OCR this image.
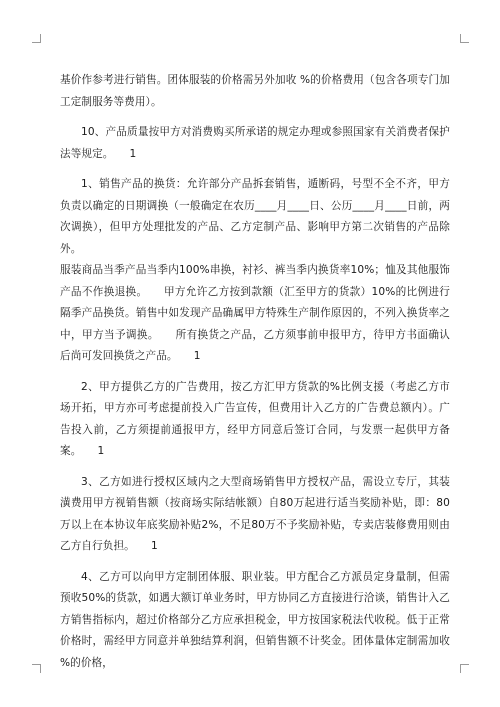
基价作参考进行销售。团体服装的价格需另外加收 %的价格费用（包含各项专门加工定制服务等费用）。

10、产品质量按甲方对消费购买所承诺的规定办理或参照国家有关消费者保护法等规定。　　1

1、销售产品的换货：允许部分产品拆套销售，遁断码，号型不全不齐，甲方负责以确定的日期调换（一般确定在农历____月____日、公历____月____日前，两次调换），但甲方处理批发的产品、乙方定制产品、影响甲方第二次销售的产品除外。

服装商品当季产品当季内100%串换，衬衫、裤当季内换货率10%；恤及其他服饰产品不作换退换。　　甲方允许乙方按到款额（汇至甲方的货款）10%的比例进行隔季产品换货。销售中如发现产品确属甲方特殊生产制作原因的，不列入换货率之中，甲方当予调换。　　所有换货之产品，乙方须事前申报甲方，待甲方书面确认后尚可发回换货之产品。　　1

2、甲方提供乙方的广告费用，按乙方汇甲方货款的%比例支援（考虑乙方市场开拓，甲方亦可考虑提前投入广告宣传，但费用计入乙方的广告费总额内）。广告投入前，乙方须提前通报甲方，经甲方同意后签订合同，与发票一起供甲方备案。　　1

3、乙方如进行授权区域内之大型商场销售甲方授权产品，需设立专厅，其装潢费用甲方视销售额（按商场实际结帐额）自80万起进行适当奖励补贴，即：80万以上在本协议年底奖励补贴2%，不足80万不予奖励补贴，专卖店装修费用则由乙方自行负担。　　1

4、乙方可以向甲方定制团体服、职业装。甲方配合乙方派员定身量制，但需预收50%的货款，如遇大额订单业务时，甲方协同乙方直接进行洽谈，销售计入乙方销售指标内，超过价格部分乙方应承担税金，甲方按国家税法代收税。低于正常价格时，需经甲方同意并单独结算利润，但销售额不计奖金。团体量体定制需加收 %的价格，
